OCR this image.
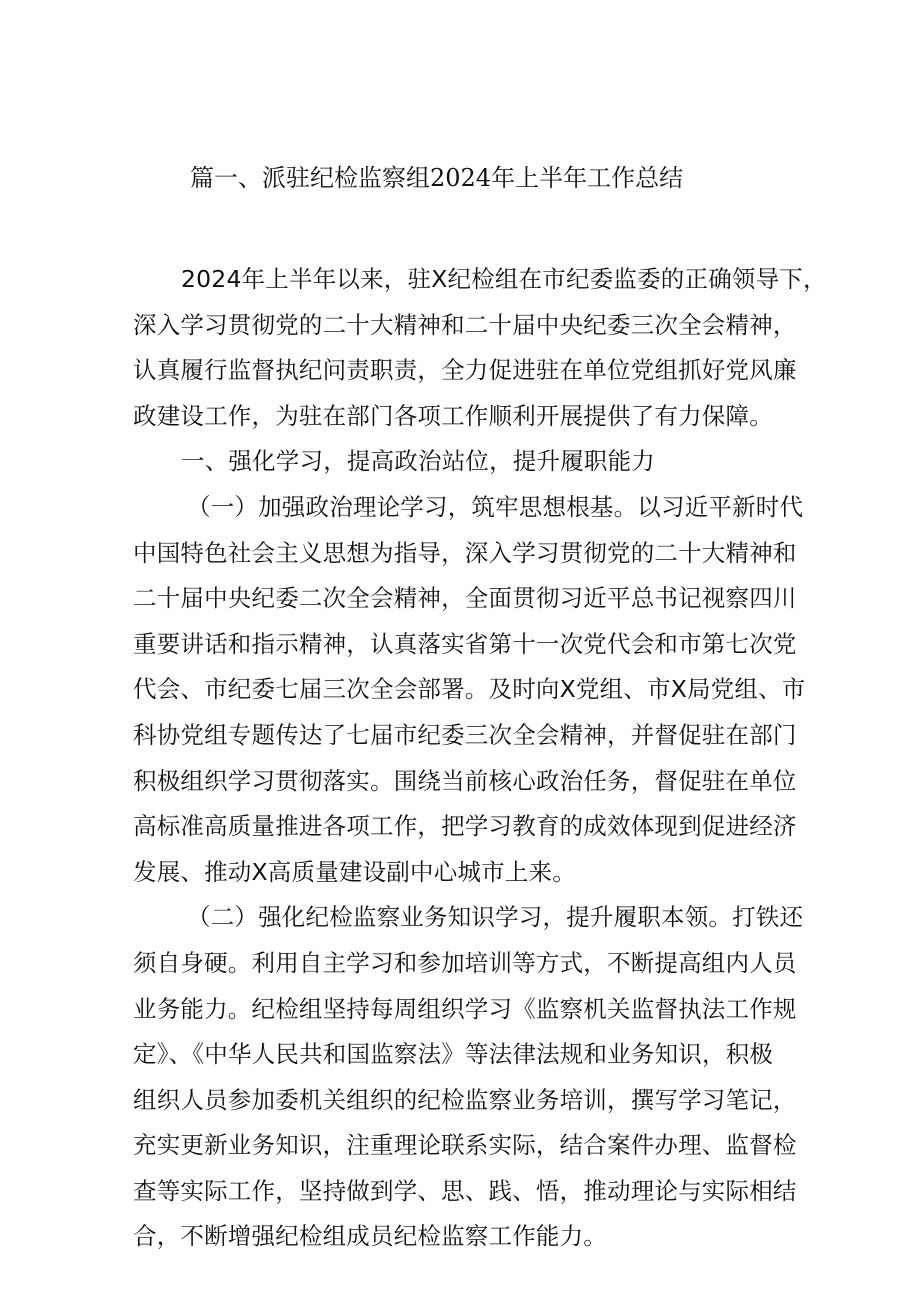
篇一、派驻纪检监察组2024年上半年工作总结
2024年上半年以来，驻X纪检组在市纪委监委的正确领导下，
深入学习贯彻党的二十大精神和二十届中央纪委三次全会精神，
认真履行监督执纪问责职责，全力促进驻在单位党组抓好党风廉
政建设工作，为驻在部门各项工作顺利开展提供了有力保障。
一、强化学习，提高政治站位，提升履职能力
（一）加强政治理论学习，筑牢思想根基。以习近平新时代
中国特色社会主义思想为指导，深入学习贯彻党的二十大精神和
二十届中央纪委二次全会精神，全面贯彻习近平总书记视察四川
重要讲话和指示精神，认真落实省第十一次党代会和市第七次党
代会、市纪委七届三次全会部署。及时向X党组、市X局党组、市
科协党组专题传达了七届市纪委三次全会精神，并督促驻在部门
积极组织学习贯彻落实。围绕当前核心政治任务，督促驻在单位
高标准高质量推进各项工作，把学习教育的成效体现到促进经济
发展、推动X高质量建设副中心城市上来。
（二）强化纪检监察业务知识学习，提升履职本领。打铁还
须自身硬。利用自主学习和参加培训等方式，不断提高组内人员
业务能力。纪检组坚持每周组织学习《监察机关监督执法工作规
定》、《中华人民共和国监察法》等法律法规和业务知识，积极
组织人员参加委机关组织的纪检监察业务培训，撰写学习笔记，
充实更新业务知识，注重理论联系实际，结合案件办理、监督检
查等实际工作，坚持做到学、思、践、悟，推动理论与实际相结
合，不断增强纪检组成员纪检监察工作能力。
